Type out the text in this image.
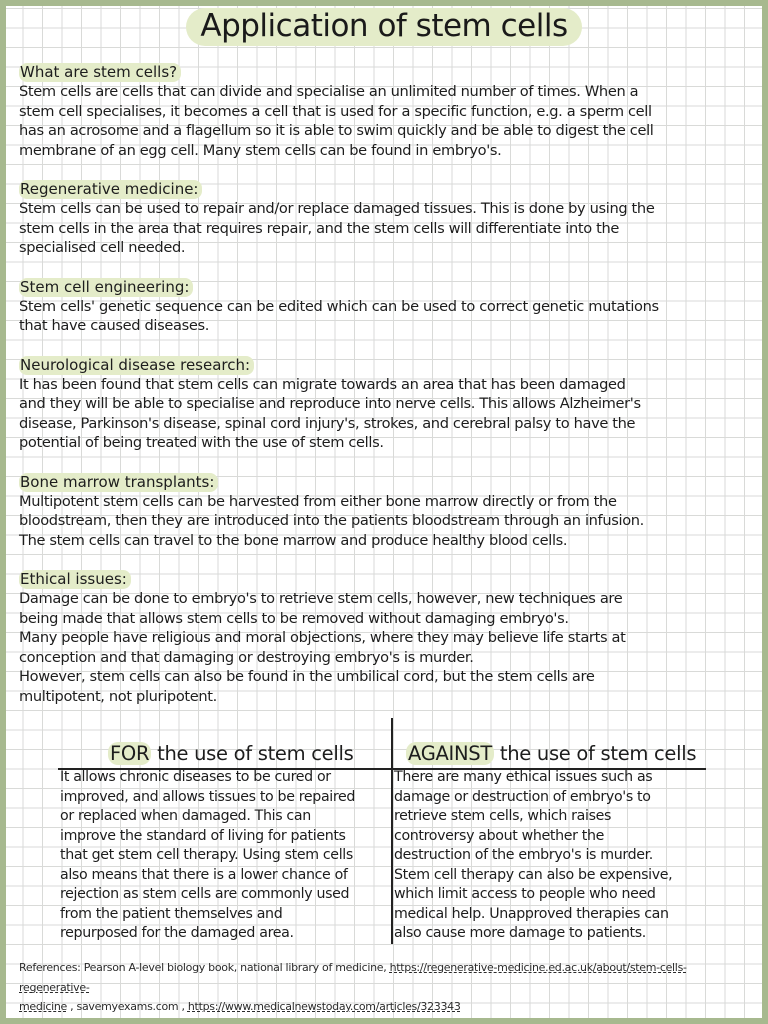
Application of stem cells
What are stem cells?
Stem cells are cells that can divide and specialise an unlimited number of times. When a
stem cell specialises, it becomes a cell that is used for a specific function, e.g. a sperm cell
has an acrosome and a flagellum so it is able to swim quickly and be able to digest the cell
membrane of an egg cell. Many stem cells can be found in embryo's.
Regenerative medicine:
Stem cells can be used to repair and/or replace damaged tissues. This is done by using the
stem cells in the area that requires repair, and the stem cells will differentiate into the
specialised cell needed.
Stem cell engineering:
Stem cells' genetic sequence can be edited which can be used to correct genetic mutations
that have caused diseases.
Neurological disease research:
It has been found that stem cells can migrate towards an area that has been damaged
and they will be able to specialise and reproduce into nerve cells. This allows Alzheimer's
disease, Parkinson's disease, spinal cord injury's, strokes, and cerebral palsy to have the
potential of being treated with the use of stem cells.
Bone marrow transplants:
Multipotent stem cells can be harvested from either bone marrow directly or from the
bloodstream, then they are introduced into the patients bloodstream through an infusion.
The stem cells can travel to the bone marrow and produce healthy blood cells.
Ethical issues:
Damage can be done to embryo's to retrieve stem cells, however, new techniques are
being made that allows stem cells to be removed without damaging embryo's.
Many people have religious and moral objections, where they may believe life starts at
conception and that damaging or destroying embryo's is murder.
However, stem cells can also be found in the umbilical cord, but the stem cells are
multipotent, not pluripotent.
FOR the use of stem cells	AGAINST the use of stem cells
It allows chronic diseases to be cured or
improved, and allows tissues to be repaired
or replaced when damaged. This can
improve the standard of living for patients
that get stem cell therapy. Using stem cells
also means that there is a lower chance of
rejection as stem cells are commonly used
from the patient themselves and
repurposed for the damaged area.
There are many ethical issues such as
damage or destruction of embryo's to
retrieve stem cells, which raises
controversy about whether the
destruction of the embryo's is murder.
Stem cell therapy can also be expensive,
which limit access to people who need
medical help. Unapproved therapies can
also cause more damage to patients.
References: Pearson A-level biology book, national library of medicine, https://regenerative-medicine.ed.ac.uk/about/stem-cells-regenerative-
medicine , savemyexams.com , https://www.medicalnewstoday.com/articles/323343
